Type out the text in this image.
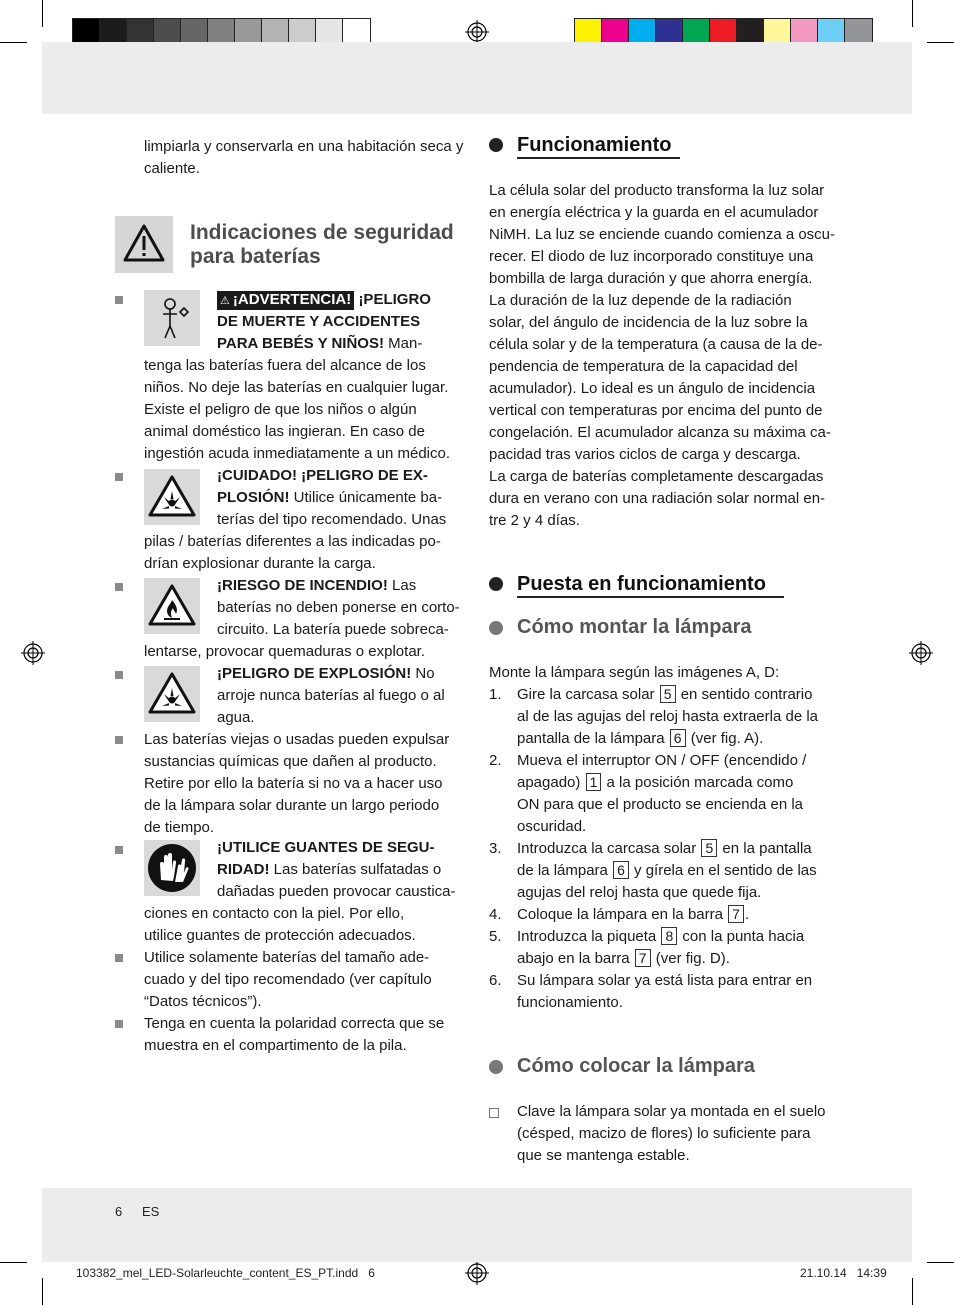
limpiarla y conservarla en una habitación seca y caliente.
Indicaciones de seguridad
para baterías
⚠ ¡ADVERTENCIA! ¡PELIGRO
DE MUERTE Y ACCIDENTES
PARA BEBÉS Y NIÑOS! Man-
tenga las baterías fuera del alcance de los
niños. No deje las baterías en cualquier lugar.
Existe el peligro de que los niños o algún
animal doméstico las ingieran. En caso de
ingestión acuda inmediatamente a un médico.
¡CUIDADO! ¡PELIGRO DE EX-
PLOSIÓN! Utilice únicamente ba-
terías del tipo recomendado. Unas
pilas / baterías diferentes a las indicadas po-
drían explosionar durante la carga.
¡RIESGO DE INCENDIO! Las
baterías no deben ponerse en corto-
circuito. La batería puede sobreca-
lentarse, provocar quemaduras o explotar.
¡PELIGRO DE EXPLOSIÓN! No
arroje nunca baterías al fuego o al
agua.
Las baterías viejas o usadas pueden expulsar
sustancias químicas que dañen al producto.
Retire por ello la batería si no va a hacer uso
de la lámpara solar durante un largo periodo
de tiempo.
¡UTILICE GUANTES DE SEGU-
RIDAD! Las baterías sulfatadas o
dañadas pueden provocar caustica-
ciones en contacto con la piel. Por ello,
utilice guantes de protección adecuados.
Utilice solamente baterías del tamaño ade-
cuado y del tipo recomendado (ver capítulo
“Datos técnicos”).
Tenga en cuenta la polaridad correcta que se
muestra en el compartimento de la pila.
Funcionamiento
La célula solar del producto transforma la luz solar
en energía eléctrica y la guarda en el acumulador
NiMH. La luz se enciende cuando comienza a oscu-
recer. El diodo de luz incorporado constituye una
bombilla de larga duración y que ahorra energía.
La duración de la luz depende de la radiación
solar, del ángulo de incidencia de la luz sobre la
célula solar y de la temperatura (a causa de la de-
pendencia de temperatura de la capacidad del
acumulador). Lo ideal es un ángulo de incidencia
vertical con temperaturas por encima del punto de
congelación. El acumulador alcanza su máxima ca-
pacidad tras varios ciclos de carga y descarga.
La carga de baterías completamente descargadas
dura en verano con una radiación solar normal en-
tre 2 y 4 días.
Puesta en funcionamiento
Cómo montar la lámpara
Monte la lámpara según las imágenes A, D:
1. Gire la carcasa solar 5 en sentido contrario
al de las agujas del reloj hasta extraerla de la
pantalla de la lámpara 6 (ver fig. A).
2. Mueva el interruptor ON / OFF (encendido /
apagado) 1 a la posición marcada como
ON para que el producto se encienda en la
oscuridad.
3. Introduzca la carcasa solar 5 en la pantalla
de la lámpara 6 y gírela en el sentido de las
agujas del reloj hasta que quede fija.
4. Coloque la lámpara en la barra 7 .
5. Introduzca la piqueta 8 con la punta hacia
abajo en la barra 7 (ver fig. D).
6. Su lámpara solar ya está lista para entrar en
funcionamiento.
Cómo colocar la lámpara
Clave la lámpara solar ya montada en el suelo
(césped, macizo de flores) lo suficiente para
que se mantenga estable.
6 ES
103382_mel_LED-Solarleuchte_content_ES_PT.indd   6	21.10.14   14:39
